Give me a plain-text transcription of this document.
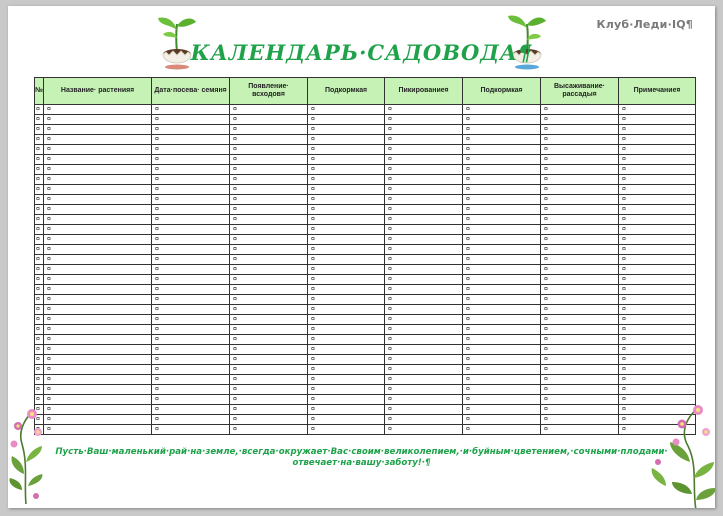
Клуб·Леди·IQ¶
КАЛЕНДАРЬ·САДОВОДА¶
№	Название· растения¤	Дата·посева· семян¤	Появление· всходов¤	Подкормка¤	Пикирование¤	Подкормка¤	Высаживание· рассады¤	Примечание¤
¤	¤	¤	¤	¤	¤	¤	¤	¤
¤	¤	¤	¤	¤	¤	¤	¤	¤
¤	¤	¤	¤	¤	¤	¤	¤	¤
¤	¤	¤	¤	¤	¤	¤	¤	¤
¤	¤	¤	¤	¤	¤	¤	¤	¤
¤	¤	¤	¤	¤	¤	¤	¤	¤
¤	¤	¤	¤	¤	¤	¤	¤	¤
¤	¤	¤	¤	¤	¤	¤	¤	¤
¤	¤	¤	¤	¤	¤	¤	¤	¤
¤	¤	¤	¤	¤	¤	¤	¤	¤
¤	¤	¤	¤	¤	¤	¤	¤	¤
¤	¤	¤	¤	¤	¤	¤	¤	¤
¤	¤	¤	¤	¤	¤	¤	¤	¤
¤	¤	¤	¤	¤	¤	¤	¤	¤
¤	¤	¤	¤	¤	¤	¤	¤	¤
¤	¤	¤	¤	¤	¤	¤	¤	¤
¤	¤	¤	¤	¤	¤	¤	¤	¤
¤	¤	¤	¤	¤	¤	¤	¤	¤
¤	¤	¤	¤	¤	¤	¤	¤	¤
¤	¤	¤	¤	¤	¤	¤	¤	¤
¤	¤	¤	¤	¤	¤	¤	¤	¤
¤	¤	¤	¤	¤	¤	¤	¤	¤
¤	¤	¤	¤	¤	¤	¤	¤	¤
¤	¤	¤	¤	¤	¤	¤	¤	¤
¤	¤	¤	¤	¤	¤	¤	¤	¤
¤	¤	¤	¤	¤	¤	¤	¤	¤
¤	¤	¤	¤	¤	¤	¤	¤	¤
¤	¤	¤	¤	¤	¤	¤	¤	¤
¤	¤	¤	¤	¤	¤	¤	¤	¤
¤	¤	¤	¤	¤	¤	¤	¤	¤
¤	¤	¤	¤	¤	¤	¤	¤	¤
¤	¤	¤	¤	¤	¤	¤	¤	¤
	¤	¤	¤	¤	¤	¤	¤	¤
Пусть·Ваш·маленький·рай·на·земле,·всегда·окружает·Вас·своим·великолепием,·и·буйным·цветением,·сочными·плодами· отвечает·на·вашу·заботу!·¶
